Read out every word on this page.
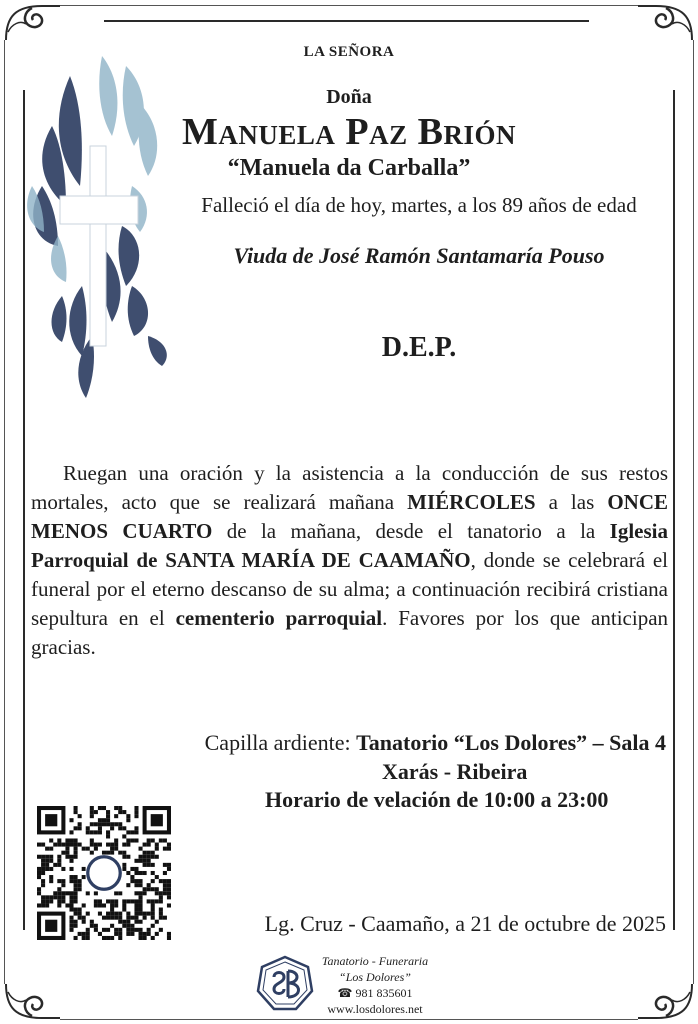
LA SEÑORA
Doña
Manuela Paz Brión
“Manuela da Carballa”
Falleció el día de hoy, martes, a los 89 años de edad
Viuda de José Ramón Santamaría Pouso
D.E.P.
Ruegan una oración y la asistencia a la conducción de sus restos mortales, acto que se realizará mañana MIÉRCOLES a las ONCE MENOS CUARTO de la mañana, desde el tanatorio a la Iglesia Parroquial de SANTA MARÍA DE CAAMAÑO, donde se celebrará el funeral por el eterno descanso de su alma; a continuación recibirá cristiana sepultura en el cementerio parroquial. Favores por los que anticipan gracias.
Capilla ardiente: Tanatorio “Los Dolores” – Sala 4
Xarás - Ribeira
Horario de velación de 10:00 a 23:00
Lg. Cruz - Caamaño, a 21 de octubre de 2025
Tanatorio - Funeraria
“Los Dolores”
☎ 981 835601
www.losdolores.net
